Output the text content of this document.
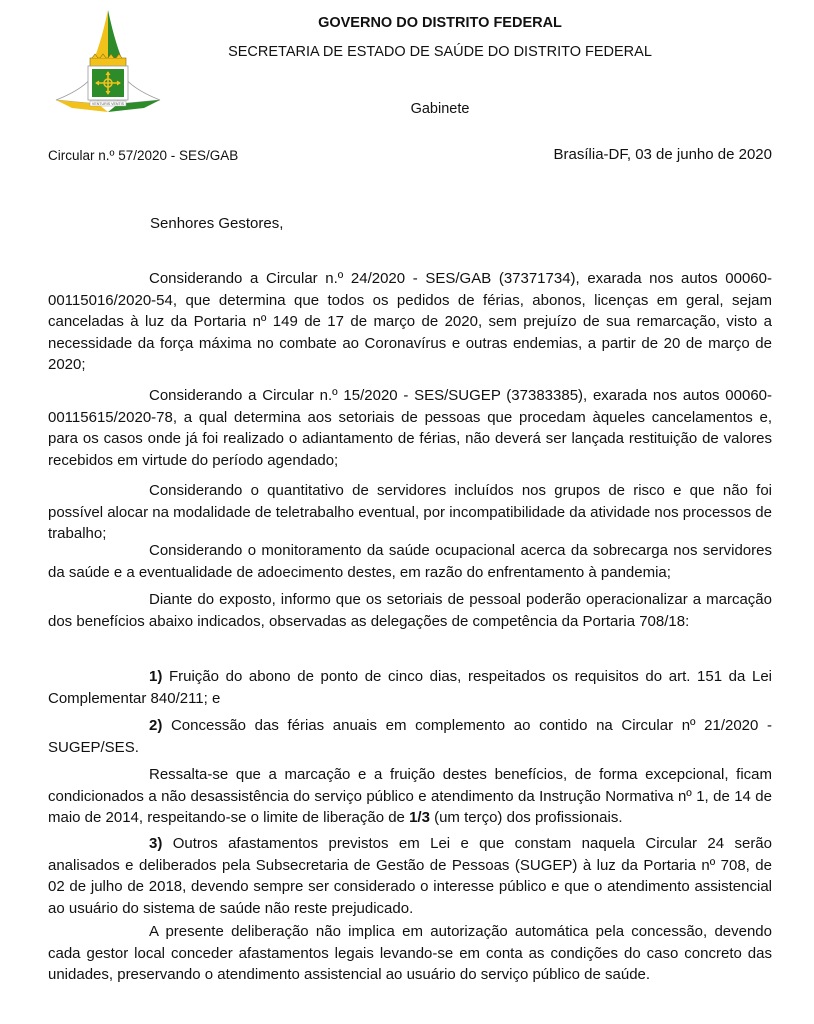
VENTURIS VENTIS
GOVERNO DO DISTRITO FEDERAL
SECRETARIA DE ESTADO DE SAÚDE DO DISTRITO FEDERAL
Gabinete
Circular n.º 57/2020 - SES/GAB	Brasília-DF, 03 de junho de 2020
Senhores Gestores,
Considerando a Circular n.º 24/2020 - SES/GAB (37371734), exarada nos autos 00060-00115016/2020-54, que determina que todos os pedidos de férias, abonos, licenças em geral, sejam canceladas à luz da Portaria nº 149 de 17 de março de 2020, sem prejuízo de sua remarcação, visto a necessidade da força máxima no combate ao Coronavírus e outras endemias, a partir de 20 de março de 2020;
Considerando a Circular n.º 15/2020 - SES/SUGEP (37383385), exarada nos autos 00060-00115615/2020-78, a qual determina aos setoriais de pessoas que procedam àqueles cancelamentos e, para os casos onde já foi realizado o adiantamento de férias, não deverá ser lançada restituição de valores recebidos em virtude do período agendado;
Considerando o quantitativo de servidores incluídos nos grupos de risco e que não foi possível alocar na modalidade de teletrabalho eventual, por incompatibilidade da atividade nos processos de trabalho;
Considerando o monitoramento da saúde ocupacional acerca da sobrecarga nos servidores da saúde e a eventualidade de adoecimento destes, em razão do enfrentamento à pandemia;
Diante do exposto, informo que os setoriais de pessoal poderão operacionalizar a marcação dos benefícios abaixo indicados, observadas as delegações de competência da Portaria 708/18:
1) Fruição do abono de ponto de cinco dias, respeitados os requisitos do art. 151 da Lei Complementar 840/211; e
2) Concessão das férias anuais em complemento ao contido na Circular nº 21/2020 - SUGEP/SES.
Ressalta-se que a marcação e a fruição destes benefícios, de forma excepcional, ficam condicionados a não desassistência do serviço público e atendimento da Instrução Normativa nº 1, de 14 de maio de 2014, respeitando-se o limite de liberação de 1/3 (um terço) dos profissionais.
3) Outros afastamentos previstos em Lei e que constam naquela Circular 24 serão analisados e deliberados pela Subsecretaria de Gestão de Pessoas (SUGEP) à luz da Portaria nº 708, de 02 de julho de 2018, devendo sempre ser considerado o interesse público e que o atendimento assistencial ao usuário do sistema de saúde não reste prejudicado.
A presente deliberação não implica em autorização automática pela concessão, devendo cada gestor local conceder afastamentos legais levando-se em conta as condições do caso concreto das unidades, preservando o atendimento assistencial ao usuário do serviço público de saúde.
